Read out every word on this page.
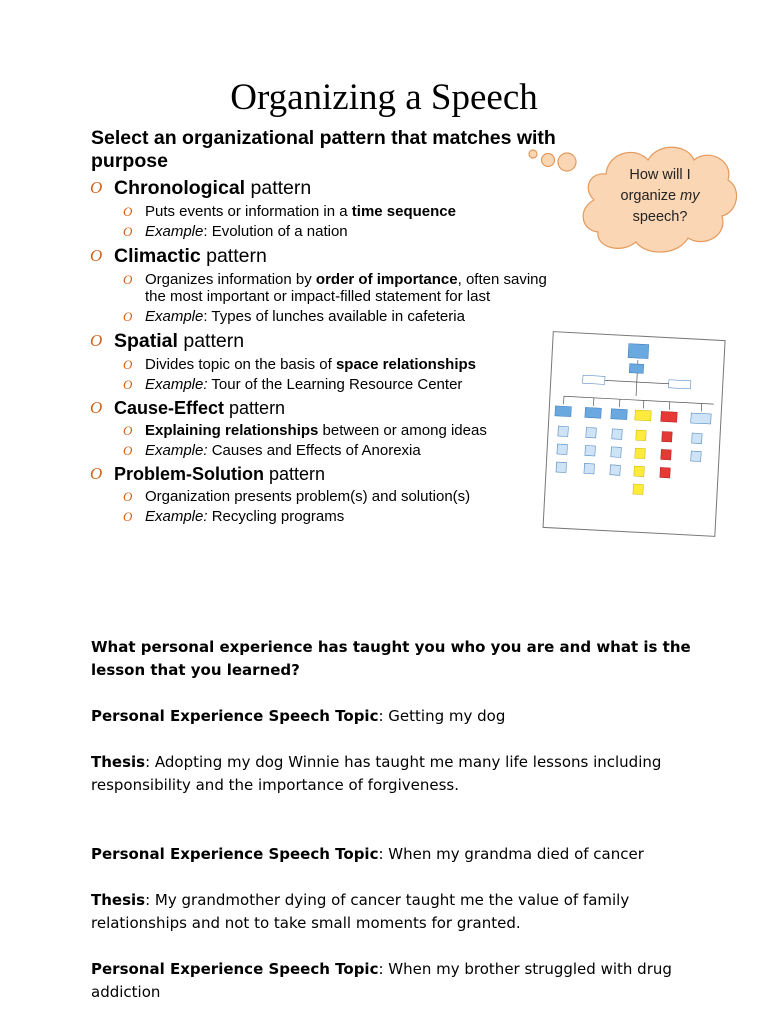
Organizing a Speech
Select an organizational pattern that matches with purpose
O Chronological pattern
O Puts events or information in a time sequence
O Example: Evolution of a nation
O Climactic pattern
O Organizes information by order of importance, often saving the most important or impact-filled statement for last
O Example: Types of lunches available in cafeteria
O Spatial pattern
O Divides topic on the basis of space relationships
O Example: Tour of the Learning Resource Center
O Cause-Effect pattern
O Explaining relationships between or among ideas
O Example: Causes and Effects of Anorexia
O Problem-Solution pattern
O Organization presents problem(s) and solution(s)
O Example: Recycling programs
How will I
organize my
speech?
What personal experience has taught you who you are and what is the lesson that you learned?
Personal Experience Speech Topic: Getting my dog
Thesis: Adopting my dog Winnie has taught me many life lessons including responsibility and the importance of forgiveness.
Personal Experience Speech Topic: When my grandma died of cancer
Thesis: My grandmother dying of cancer taught me the value of family relationships and not to take small moments for granted.
Personal Experience Speech Topic: When my brother struggled with drug addiction
